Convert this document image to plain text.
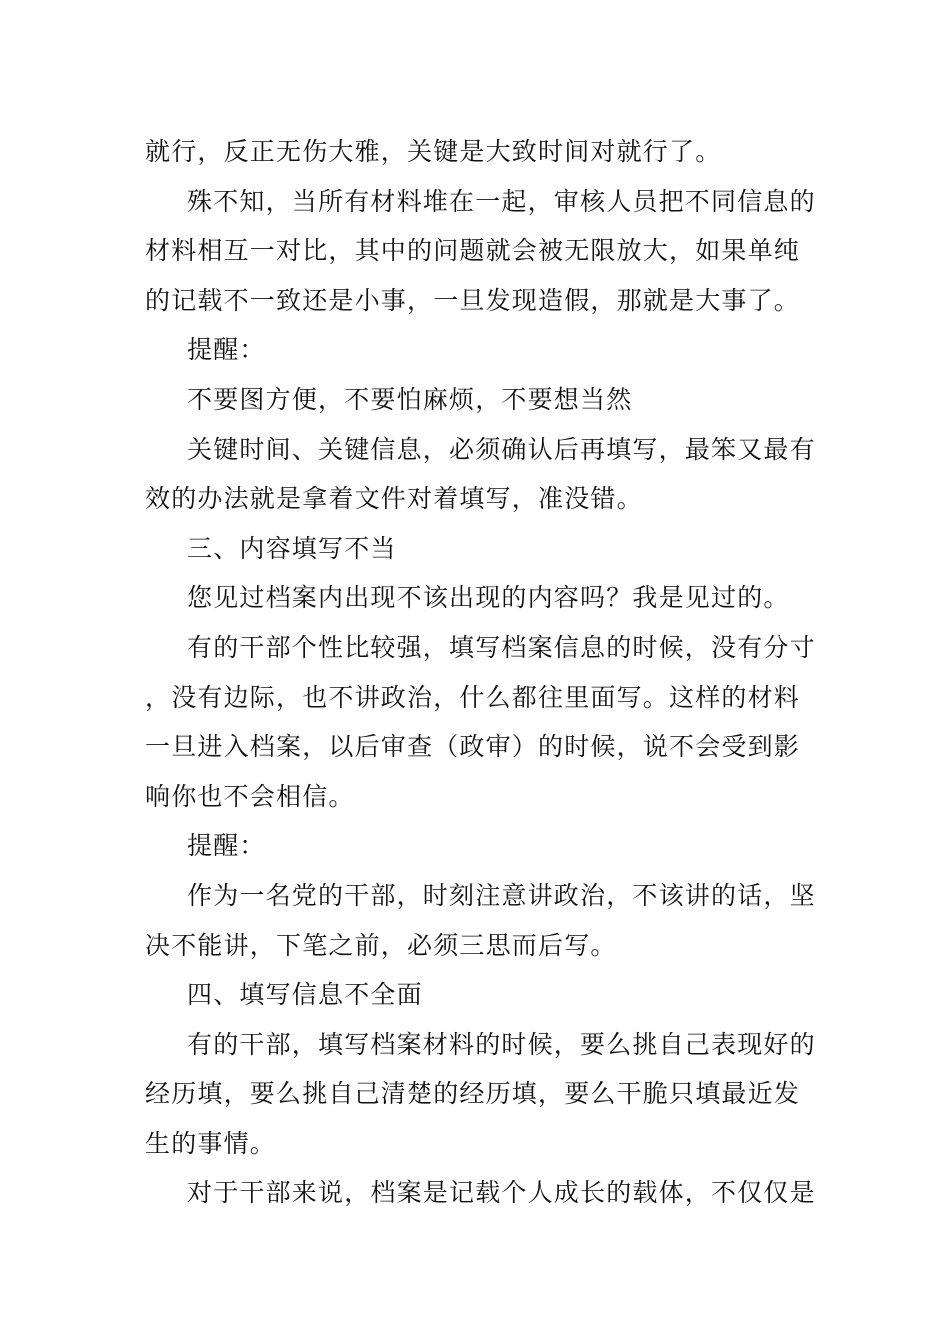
就行，反正无伤大雅，关键是大致时间对就行了。

殊不知，当所有材料堆在一起，审核人员把不同信息的材料相互一对比，其中的问题就会被无限放大，如果单纯的记载不一致还是小事，一旦发现造假，那就是大事了。

提醒：

不要图方便，不要怕麻烦，不要想当然

关键时间、关键信息，必须确认后再填写，最笨又最有效的办法就是拿着文件对着填写，准没错。

三、内容填写不当

您见过档案内出现不该出现的内容吗？我是见过的。

有的干部个性比较强，填写档案信息的时候，没有分寸，没有边际，也不讲政治，什么都往里面写。这样的材料一旦进入档案，以后审查（政审）的时候，说不会受到影响你也不会相信。

提醒：

作为一名党的干部，时刻注意讲政治，不该讲的话，坚决不能讲，下笔之前，必须三思而后写。

四、填写信息不全面

有的干部，填写档案材料的时候，要么挑自己表现好的经历填，要么挑自己清楚的经历填，要么干脆只填最近发生的事情。

对于干部来说，档案是记载个人成长的载体，不仅仅是
